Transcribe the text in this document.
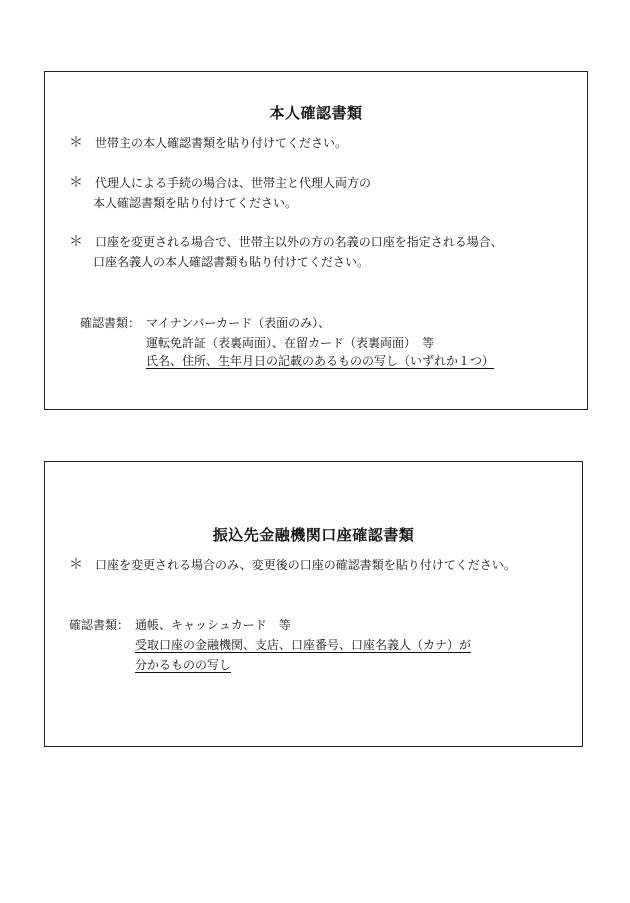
本人確認書類
＊ 世帯主の本人確認書類を貼り付けてください。
＊ 代理人による手続の場合は、世帯主と代理人両方の
本人確認書類を貼り付けてください。
＊ 口座を変更される場合で、世帯主以外の方の名義の口座を指定される場合、
口座名義人の本人確認書類も貼り付けてください。
確認書類： マイナンバーカード（表面のみ）、
運転免許証（表裏両面）、在留カード（表裏両面）　等
氏名、住所、生年月日の記載のあるものの写し（いずれか１つ）
振込先金融機関口座確認書類
＊ 口座を変更される場合のみ、変更後の口座の確認書類を貼り付けてください。
確認書類： 通帳、キャッシュカード　等
受取口座の金融機関、支店、口座番号、口座名義人（カナ）が
分かるものの写し
